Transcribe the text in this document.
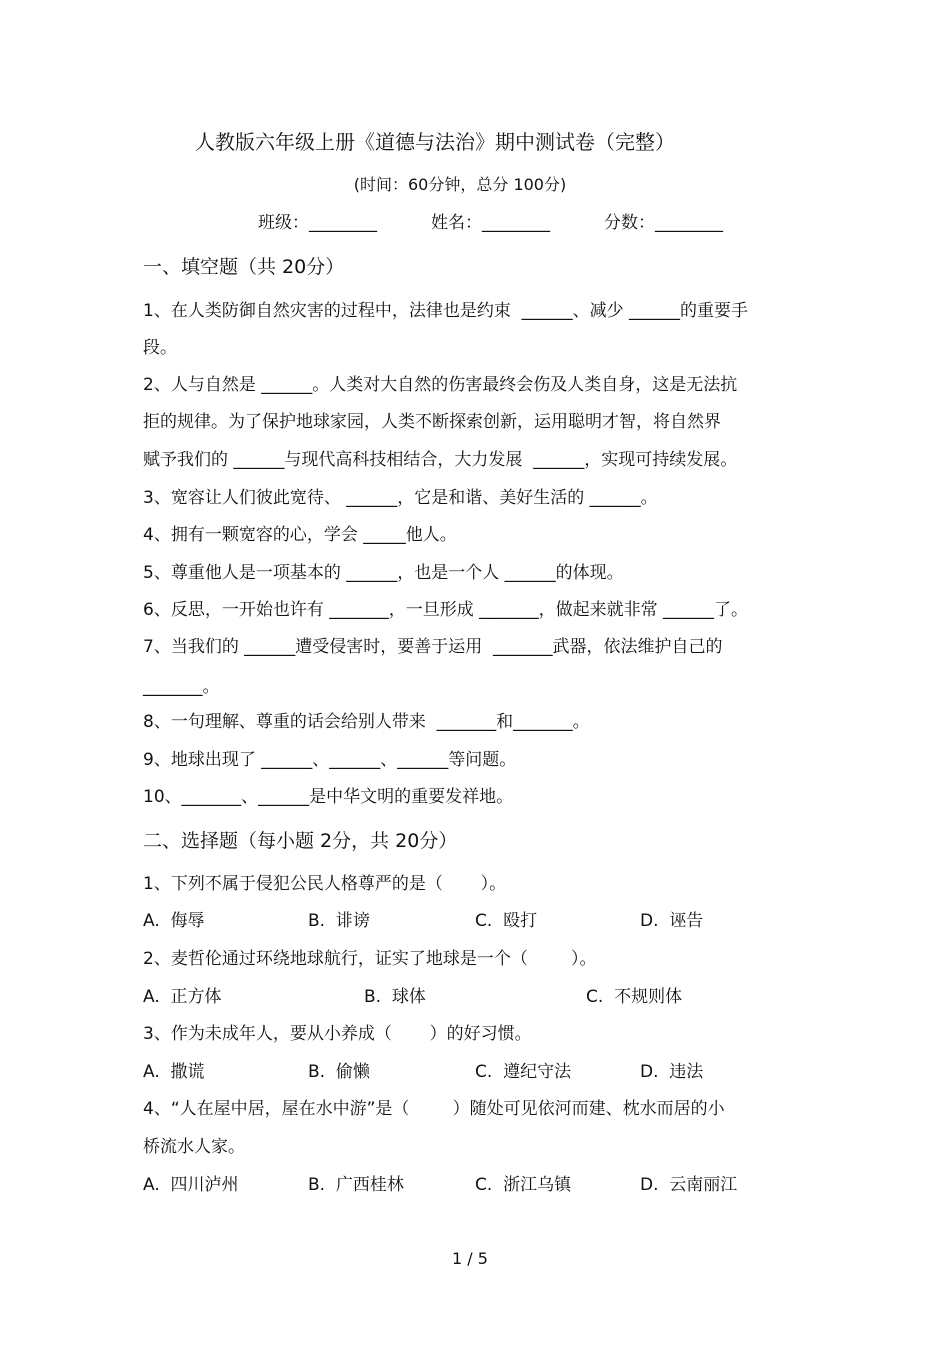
人教版六年级上册《道德与法治》期中测试卷（完整）
(时间：60分钟，总分 100分)
班级：________	姓名：________	分数：________
一、填空题（共 20分）
1、在人类防御自然灾害的过程中，法律也是约束  ______、减少 ______的重要手
段。
2、人与自然是 ______。人类对大自然的伤害最终会伤及人类自身，这是无法抗
拒的规律。为了保护地球家园，人类不断探索创新，运用聪明才智，将自然界
赋予我们的 ______与现代高科技相结合，大力发展  ______，实现可持续发展。
3、宽容让人们彼此宽待、 ______，它是和谐、美好生活的 ______。
4、拥有一颗宽容的心，学会 _____他人。
5、尊重他人是一项基本的 ______，也是一个人 ______的体现。
6、反思，一开始也许有 _______，一旦形成 _______，做起来就非常 ______了。
7、当我们的 ______遭受侵害时，要善于运用  _______武器，依法维护自己的
_______。
8、一句理解、尊重的话会给别人带来  _______和_______。
9、地球出现了 ______、______、______等问题。
10、_______、______是中华文明的重要发祥地。
二、选择题（每小题 2分，共 20分）
1、下列不属于侵犯公民人格尊严的是（       ）。
A.  侮辱	B.  诽谤	C.  殴打	D.  诬告
2、麦哲伦通过环绕地球航行，证实了地球是一个（        ）。
A.  正方体	B.  球体	C.  不规则体
3、作为未成年人，要从小养成（       ）的好习惯。
A.  撒谎	B.  偷懒	C.  遵纪守法	D.  违法
4、“人在屋中居，屋在水中游”是（        ）随处可见依河而建、枕水而居的小
桥流水人家。
A.  四川泸州	B.  广西桂林	C.  浙江乌镇	D.  云南丽江
1 / 5
